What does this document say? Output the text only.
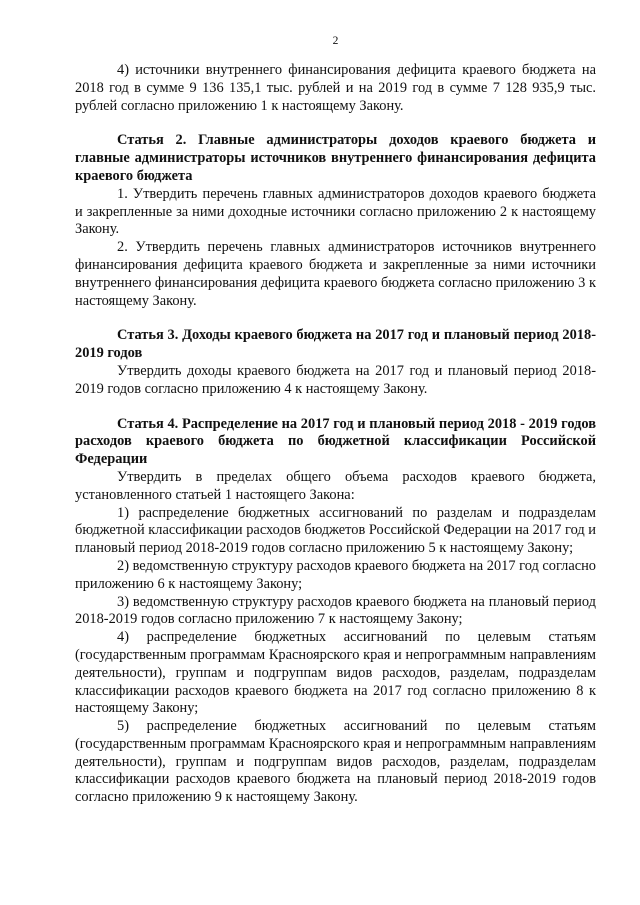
2

4) источники внутреннего финансирования дефицита краевого бюджета на 2018 год в сумме 9 136 135,1 тыс. рублей и на 2019 год в сумме 7 128 935,9 тыс. рублей согласно приложению 1 к настоящему Закону.

Статья 2. Главные администраторы доходов краевого бюджета и главные администраторы источников внутреннего финансирования дефицита краевого бюджета

1. Утвердить перечень главных администраторов доходов краевого бюджета и закрепленные за ними доходные источники согласно приложению 2 к настоящему Закону.

2. Утвердить перечень главных администраторов источников внутреннего финансирования дефицита краевого бюджета и закрепленные за ними источники внутреннего финансирования дефицита краевого бюджета согласно приложению 3 к настоящему Закону.

Статья 3. Доходы краевого бюджета на 2017 год и плановый период 2018-2019 годов

Утвердить доходы краевого бюджета на 2017 год и плановый период 2018-2019 годов согласно приложению 4 к настоящему Закону.

Статья 4. Распределение на 2017 год и плановый период 2018 - 2019 годов расходов краевого бюджета по бюджетной классификации Российской Федерации

Утвердить в пределах общего объема расходов краевого бюджета, установленного статьей 1 настоящего Закона:

1) распределение бюджетных ассигнований по разделам и подразделам бюджетной классификации расходов бюджетов Российской Федерации на 2017 год и плановый период 2018-2019 годов согласно приложению 5 к настоящему Закону;

2) ведомственную структуру расходов краевого бюджета на 2017 год согласно приложению 6 к настоящему Закону;

3) ведомственную структуру расходов краевого бюджета на плановый период 2018-2019 годов согласно приложению 7 к настоящему Закону;

4) распределение бюджетных ассигнований по целевым статьям (государственным программам Красноярского края и непрограммным направлениям деятельности), группам и подгруппам видов расходов, разделам, подразделам классификации расходов краевого бюджета на 2017 год согласно приложению 8 к настоящему Закону;

5) распределение бюджетных ассигнований по целевым статьям (государственным программам Красноярского края и непрограммным направлениям деятельности), группам и подгруппам видов расходов, разделам, подразделам классификации расходов краевого бюджета на плановый период 2018-2019 годов согласно приложению 9 к настоящему Закону.
